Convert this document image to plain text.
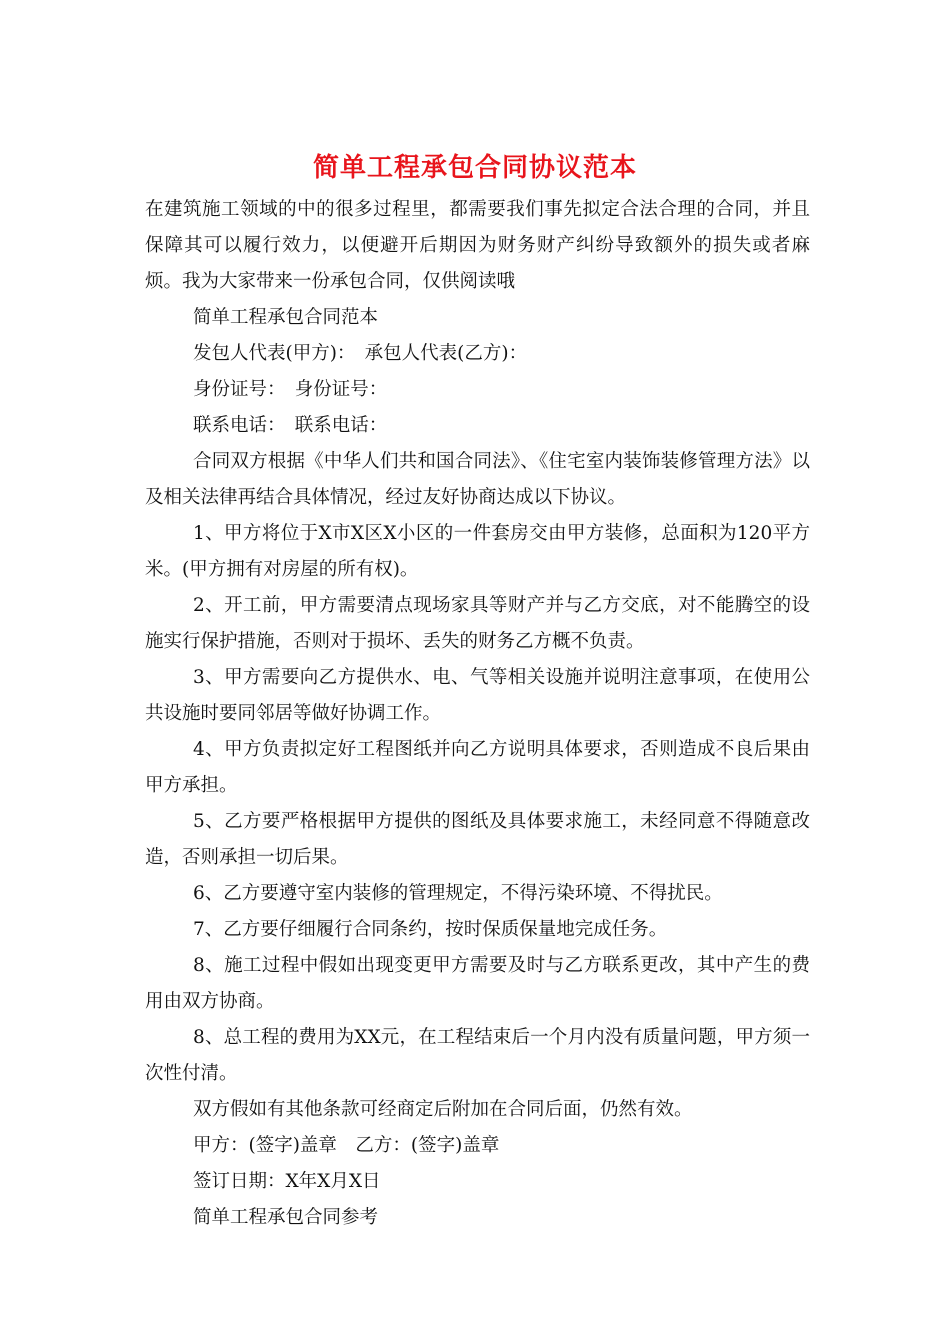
简单工程承包合同协议范本

在建筑施工领域的中的很多过程里，都需要我们事先拟定合法合理的合同，并且保障其可以履行效力，以便避开后期因为财务财产纠纷导致额外的损失或者麻烦。我为大家带来一份承包合同，仅供阅读哦

简单工程承包合同范本

发包人代表(甲方)：　承包人代表(乙方)：

身份证号：　身份证号：

联系电话：　联系电话：

合同双方根据《中华人们共和国合同法》、《住宅室内装饰装修管理方法》以及相关法律再结合具体情况，经过友好协商达成以下协议。

1、甲方将位于X市X区X小区的一件套房交由甲方装修，总面积为120平方米。(甲方拥有对房屋的所有权)。

2、开工前，甲方需要清点现场家具等财产并与乙方交底，对不能腾空的设施实行保护措施，否则对于损坏、丢失的财务乙方概不负责。

3、甲方需要向乙方提供水、电、气等相关设施并说明注意事项，在使用公共设施时要同邻居等做好协调工作。

4、甲方负责拟定好工程图纸并向乙方说明具体要求，否则造成不良后果由甲方承担。

5、乙方要严格根据甲方提供的图纸及具体要求施工，未经同意不得随意改造，否则承担一切后果。

6、乙方要遵守室内装修的管理规定，不得污染环境、不得扰民。

7、乙方要仔细履行合同条约，按时保质保量地完成任务。

8、施工过程中假如出现变更甲方需要及时与乙方联系更改，其中产生的费用由双方协商。

8、总工程的费用为XX元，在工程结束后一个月内没有质量问题，甲方须一次性付清。

双方假如有其他条款可经商定后附加在合同后面，仍然有效。

甲方：(签字)盖章　乙方：(签字)盖章

签订日期：X年X月X日

简单工程承包合同参考
